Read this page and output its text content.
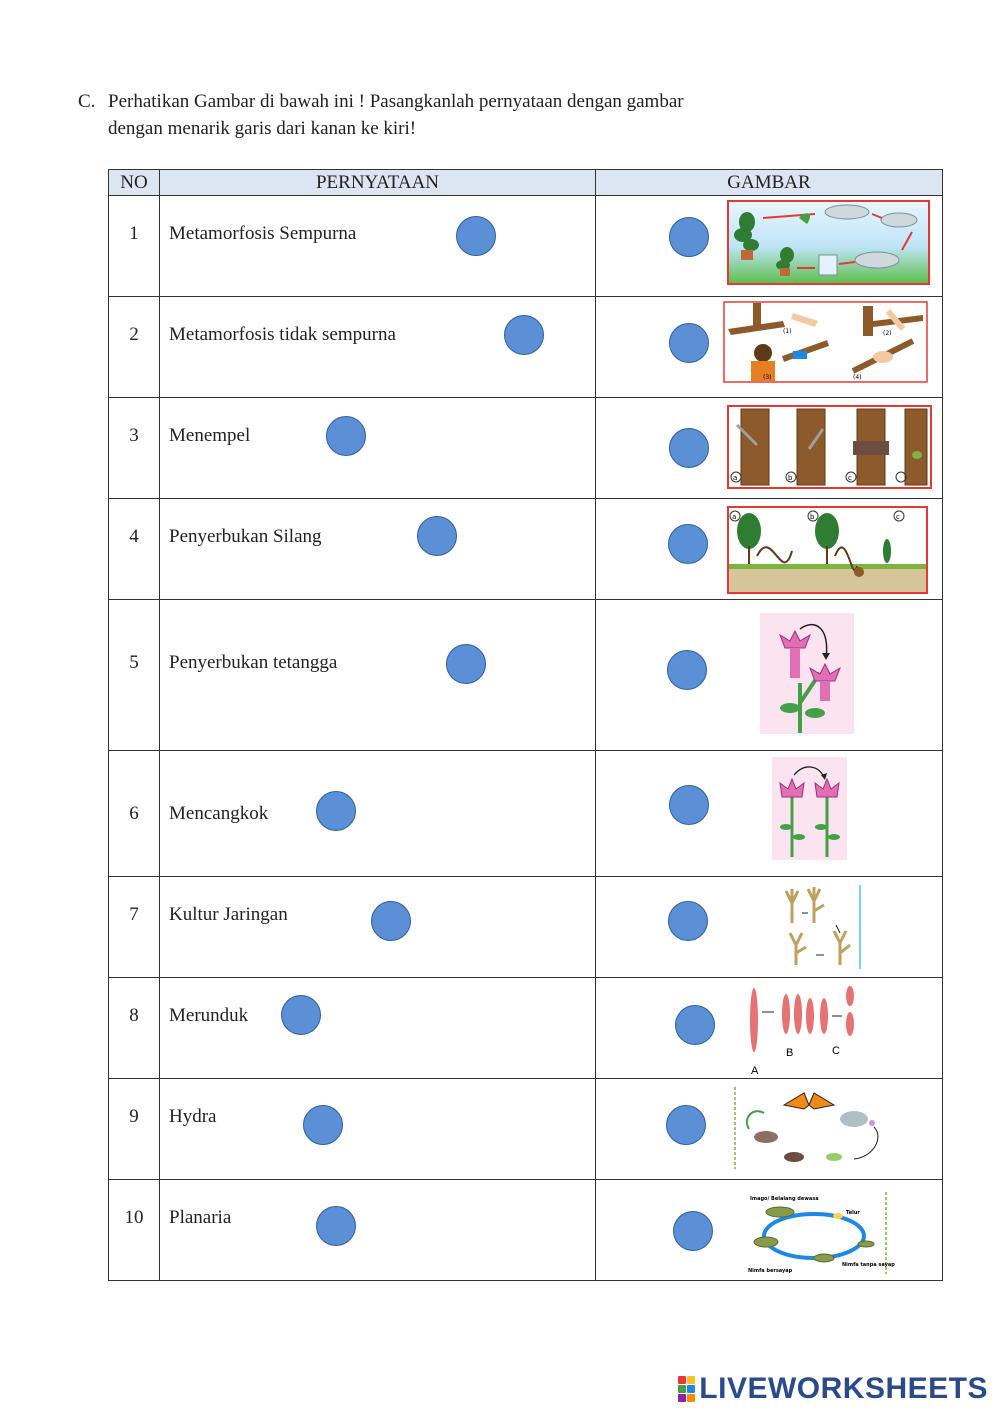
C. Perhatikan Gambar di bawah ini ! Pasangkanlah pernyataan dengan gambar
dengan menarik garis dari kanan ke kiri!
NO	PERNYATAAN	GAMBAR

1	Metamorfosis Sempurna

2	Metamorfosis tidak sempurna	(1) (2)
(3) (4)

3	Menempel	a b c

4	Penyerbukan Silang	a b c

5	Penyerbukan tetangga

6	Mencangkok

7	Kultur Jaringan

8	Merunduk	A
B C

9	Hydra

10	Planaria	Imago/ Belalang dewasa
Telur
Nimfa bersayap
Nimfa tanpa sayap
LIVEWORKSHEETS
